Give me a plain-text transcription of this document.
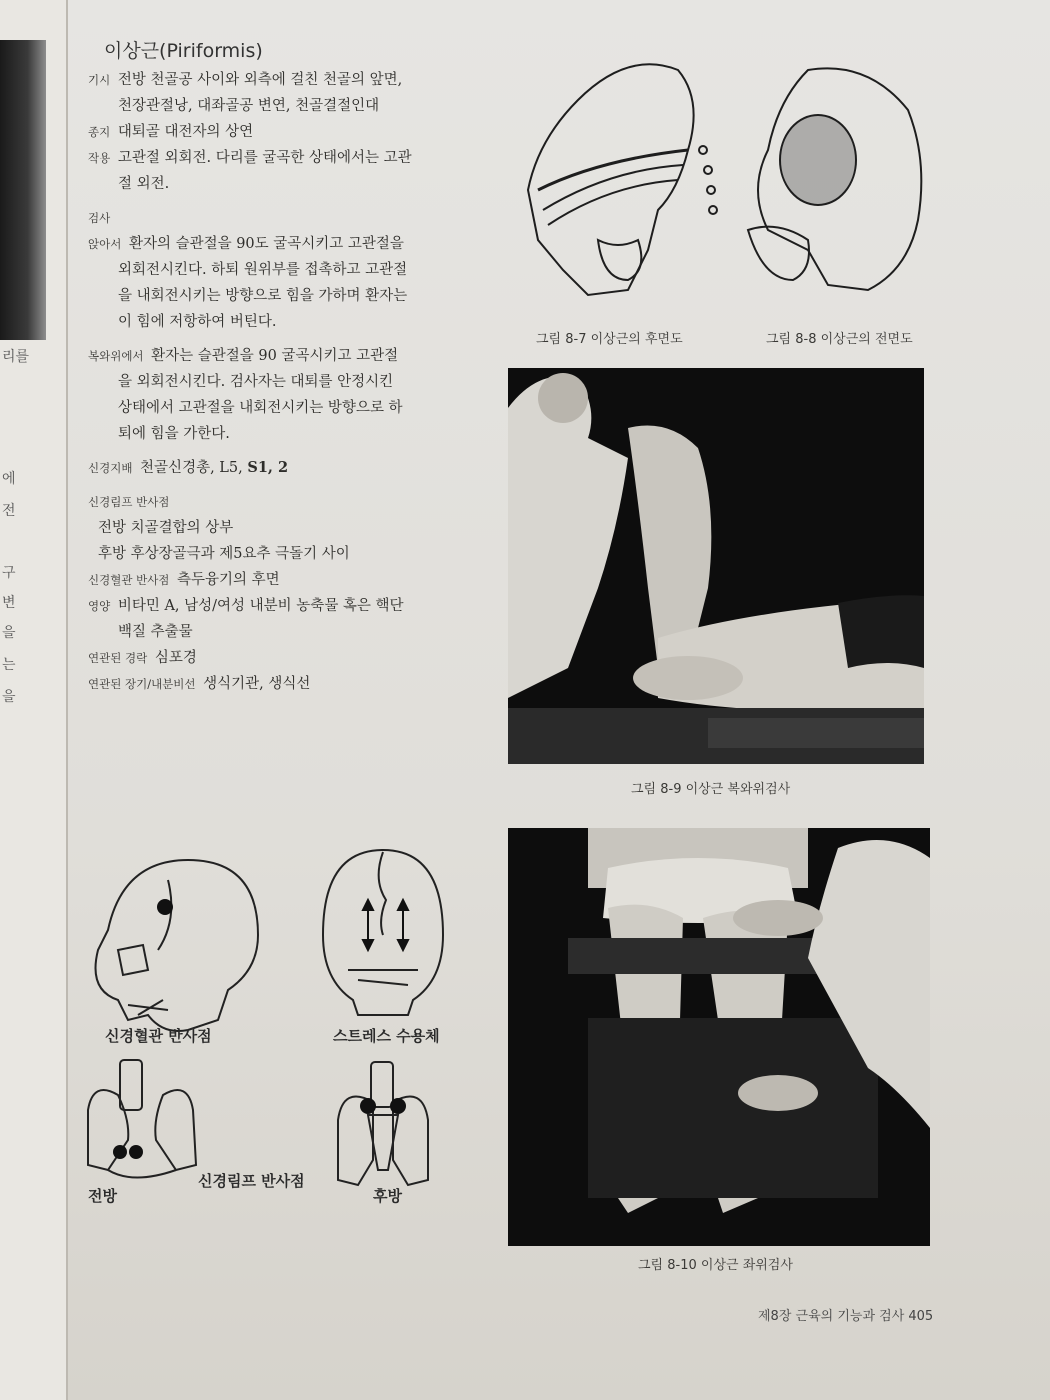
리를
에
전
구
변
을
는
을
이상근(Piriformis)
기시 전방 천골공 사이와 외측에 걸친 천골의 앞면,
천장관절낭, 대좌골공 변연, 천골결절인대
종지 대퇴골 대전자의 상연
작용 고관절 외회전. 다리를 굴곡한 상태에서는 고관
절 외전.
검사
앉아서 환자의 슬관절을 90도 굴곡시키고 고관절을
외회전시킨다. 하퇴 원위부를 접촉하고 고관절
을 내회전시키는 방향으로 힘을 가하며 환자는
이 힘에 저항하여 버틴다.
복와위에서 환자는 슬관절을 90 굴곡시키고 고관절
을 외회전시킨다. 검사자는 대퇴를 안정시킨
상태에서 고관절을 내회전시키는 방향으로 하
퇴에 힘을 가한다.
신경지배 천골신경총, L5, S1, 2
신경림프 반사점
전방 치골결합의 상부
후방 후상장골극과 제5요추 극돌기 사이
신경혈관 반사점 측두융기의 후면
영양 비타민 A, 남성/여성 내분비 농축물 혹은 핵단
백질 추출물
연관된 경락 심포경
연관된 장기/내분비선 생식기관, 생식선
신경혈관 반사점	스트레스 수용체
신경림프 반사점
전방	후방
그림 8-7 이상근의 후면도	그림 8-8 이상근의 전면도
그림 8-9 이상근 복와위검사
그림 8-10 이상근 좌위검사
제8장 근육의 기능과 검사 405
